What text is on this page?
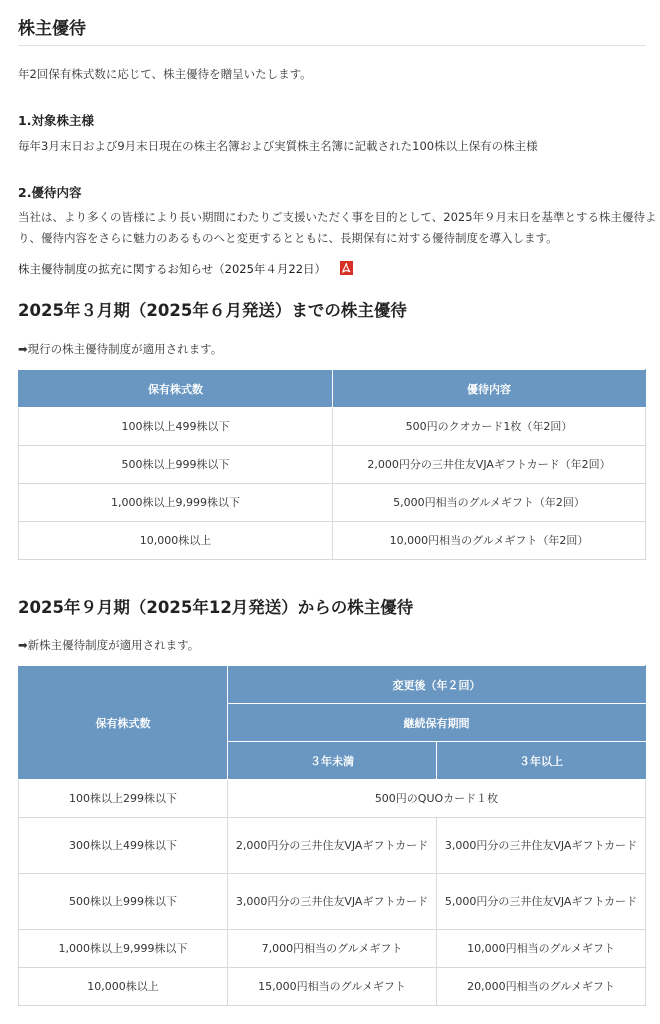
株主優待

年2回保有株式数に応じて、株主優待を贈呈いたします。

1.対象株主様

毎年3月末日および9月末日現在の株主名簿および実質株主名簿に記載された100株以上保有の株主様

2.優待内容

当社は、より多くの皆様により長い期間にわたりご支援いただく事を目的として、2025年９月末日を基準とする株主優待よ

り、優待内容をさらに魅力のあるものへと変更するとともに、長期保有に対する優待制度を導入します。

株主優待制度の拡充に関するお知らせ（2025年４月22日）
2025年３月期（2025年６月発送）までの株主優待

➡現行の株主優待制度が適用されます。

保有株式数	優待内容
100株以上499株以下	500円のクオカード1枚（年2回）
500株以上999株以下	2,000円分の三井住友VJAギフトカード（年2回）
1,000株以上9,999株以下	5,000円相当のグルメギフト（年2回）
10,000株以上	10,000円相当のグルメギフト（年2回）
2025年９月期（2025年12月発送）からの株主優待

➡新株主優待制度が適用されます。

保有株式数	変更後（年２回）	
	継続保有期間	
	３年未満	３年以上
100株以上299株以下	500円のQUOカード１枚	
300株以上499株以下	2,000円分の三井住友VJAギフトカード	3,000円分の三井住友VJAギフトカード
500株以上999株以下	3,000円分の三井住友VJAギフトカード	5,000円分の三井住友VJAギフトカード
1,000株以上9,999株以下	7,000円相当のグルメギフト	10,000円相当のグルメギフト
10,000株以上	15,000円相当のグルメギフト	20,000円相当のグルメギフト
